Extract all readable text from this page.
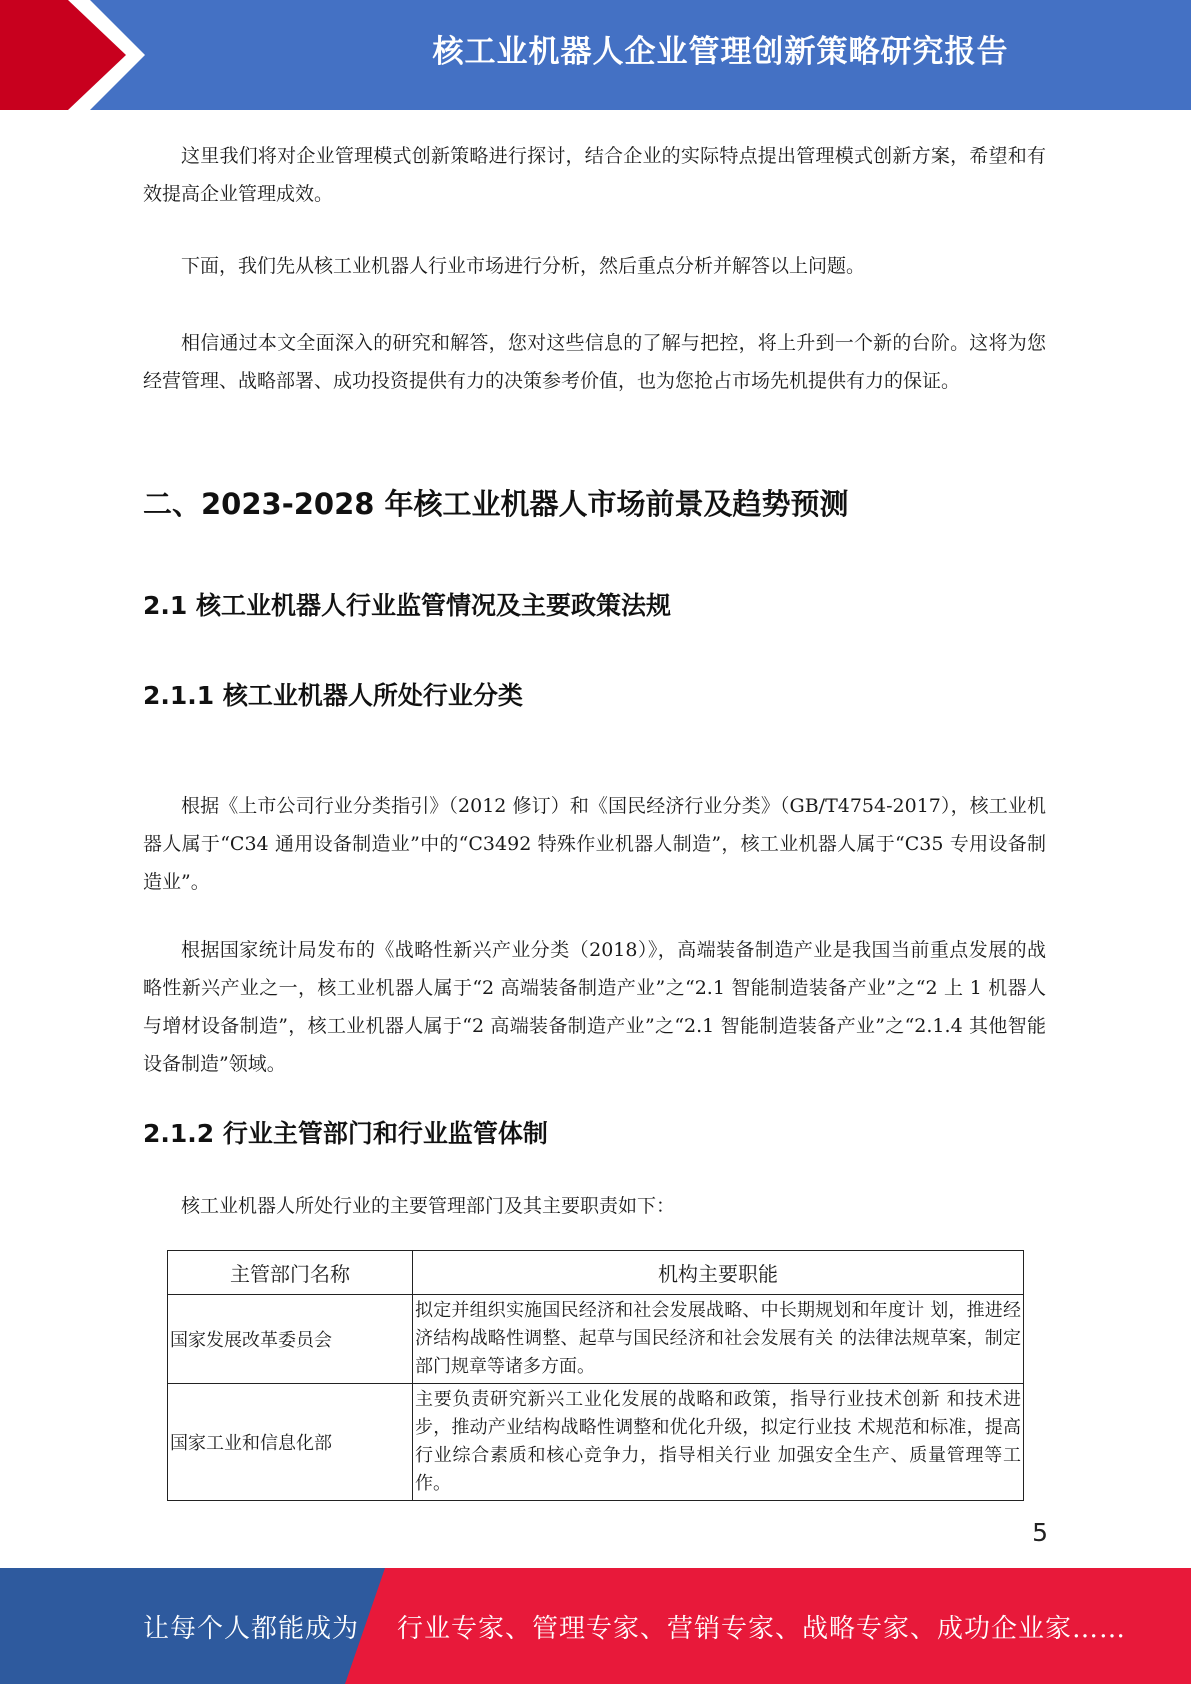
核工业机器人企业管理创新策略研究报告

这里我们将对企业管理模式创新策略进行探讨，结合企业的实际特点提出管理模式创新方案，希望和有效提高企业管理成效。

下面，我们先从核工业机器人行业市场进行分析，然后重点分析并解答以上问题。

相信通过本文全面深入的研究和解答，您对这些信息的了解与把控，将上升到一个新的台阶。这将为您经营管理、战略部署、成功投资提供有力的决策参考价值，也为您抢占市场先机提供有力的保证。

二、2023-2028 年核工业机器人市场前景及趋势预测
2.1 核工业机器人行业监管情况及主要政策法规
2.1.1 核工业机器人所处行业分类

根据《上市公司行业分类指引》（2012 修订）和《国民经济行业分类》（GB/T4754-2017），核工业机器人属于“C34 通用设备制造业”中的“C3492 特殊作业机器人制造”，核工业机器人属于“C35 专用设备制造业”。

根据国家统计局发布的《战略性新兴产业分类（2018）》，高端装备制造产业是我国当前重点发展的战略性新兴产业之一，核工业机器人属于“2 高端装备制造产业”之“2.1 智能制造装备产业”之“2 上 1 机器人与增材设备制造”，核工业机器人属于“2 高端装备制造产业”之“2.1 智能制造装备产业”之“2.1.4 其他智能设备制造”领域。

2.1.2 行业主管部门和行业监管体制

核工业机器人所处行业的主要管理部门及其主要职责如下：

主管部门名称	机构主要职能
国家发展改革委员会	拟定并组织实施国民经济和社会发展战略、中长期规划和年度计 划，推进经济结构战略性调整、起草与国民经济和社会发展有关 的法律法规草案，制定部门规章等诸多方面。
国家工业和信息化部	主要负责研究新兴工业化发展的战略和政策，指导行业技术创新 和技术进步，推动产业结构战略性调整和优化升级，拟定行业技 术规范和标准，提高行业综合素质和核心竞争力，指导相关行业 加强安全生产、质量管理等工作。
5
让每个人都能成为 行业专家、管理专家、营销专家、战略专家、成功企业家……
